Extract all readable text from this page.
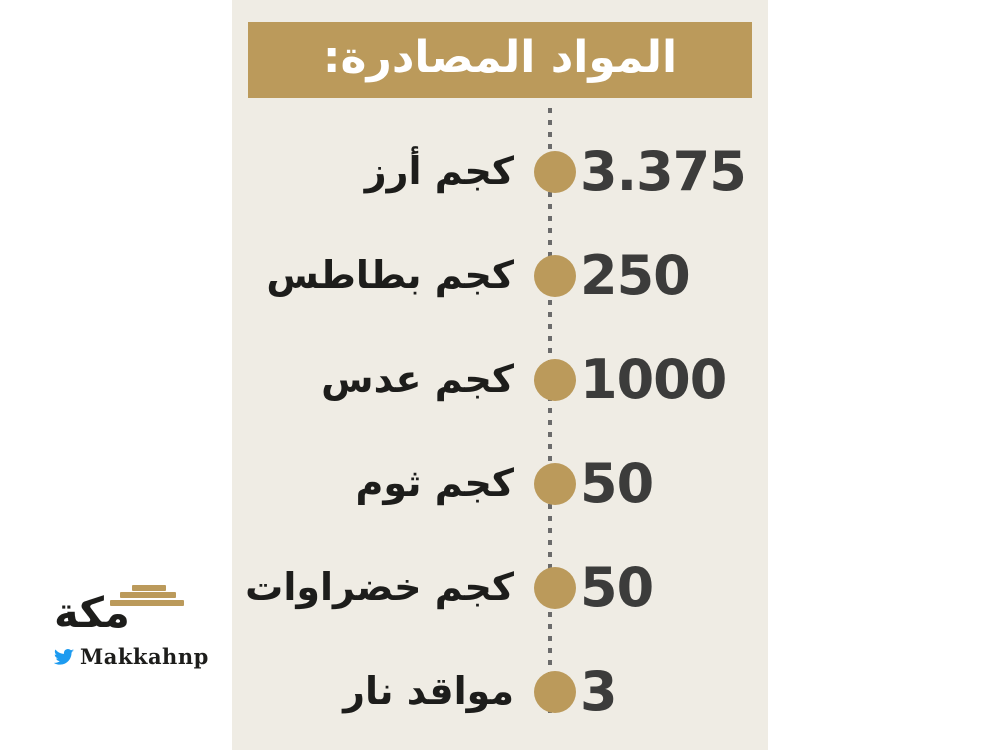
المواد المصادرة:
3.375
كجم أرز
250
كجم بطاطس
1000
كجم عدس
50
كجم ثوم
50
كجم خضراوات
3
مواقد نار
مكة
Makkahnp
